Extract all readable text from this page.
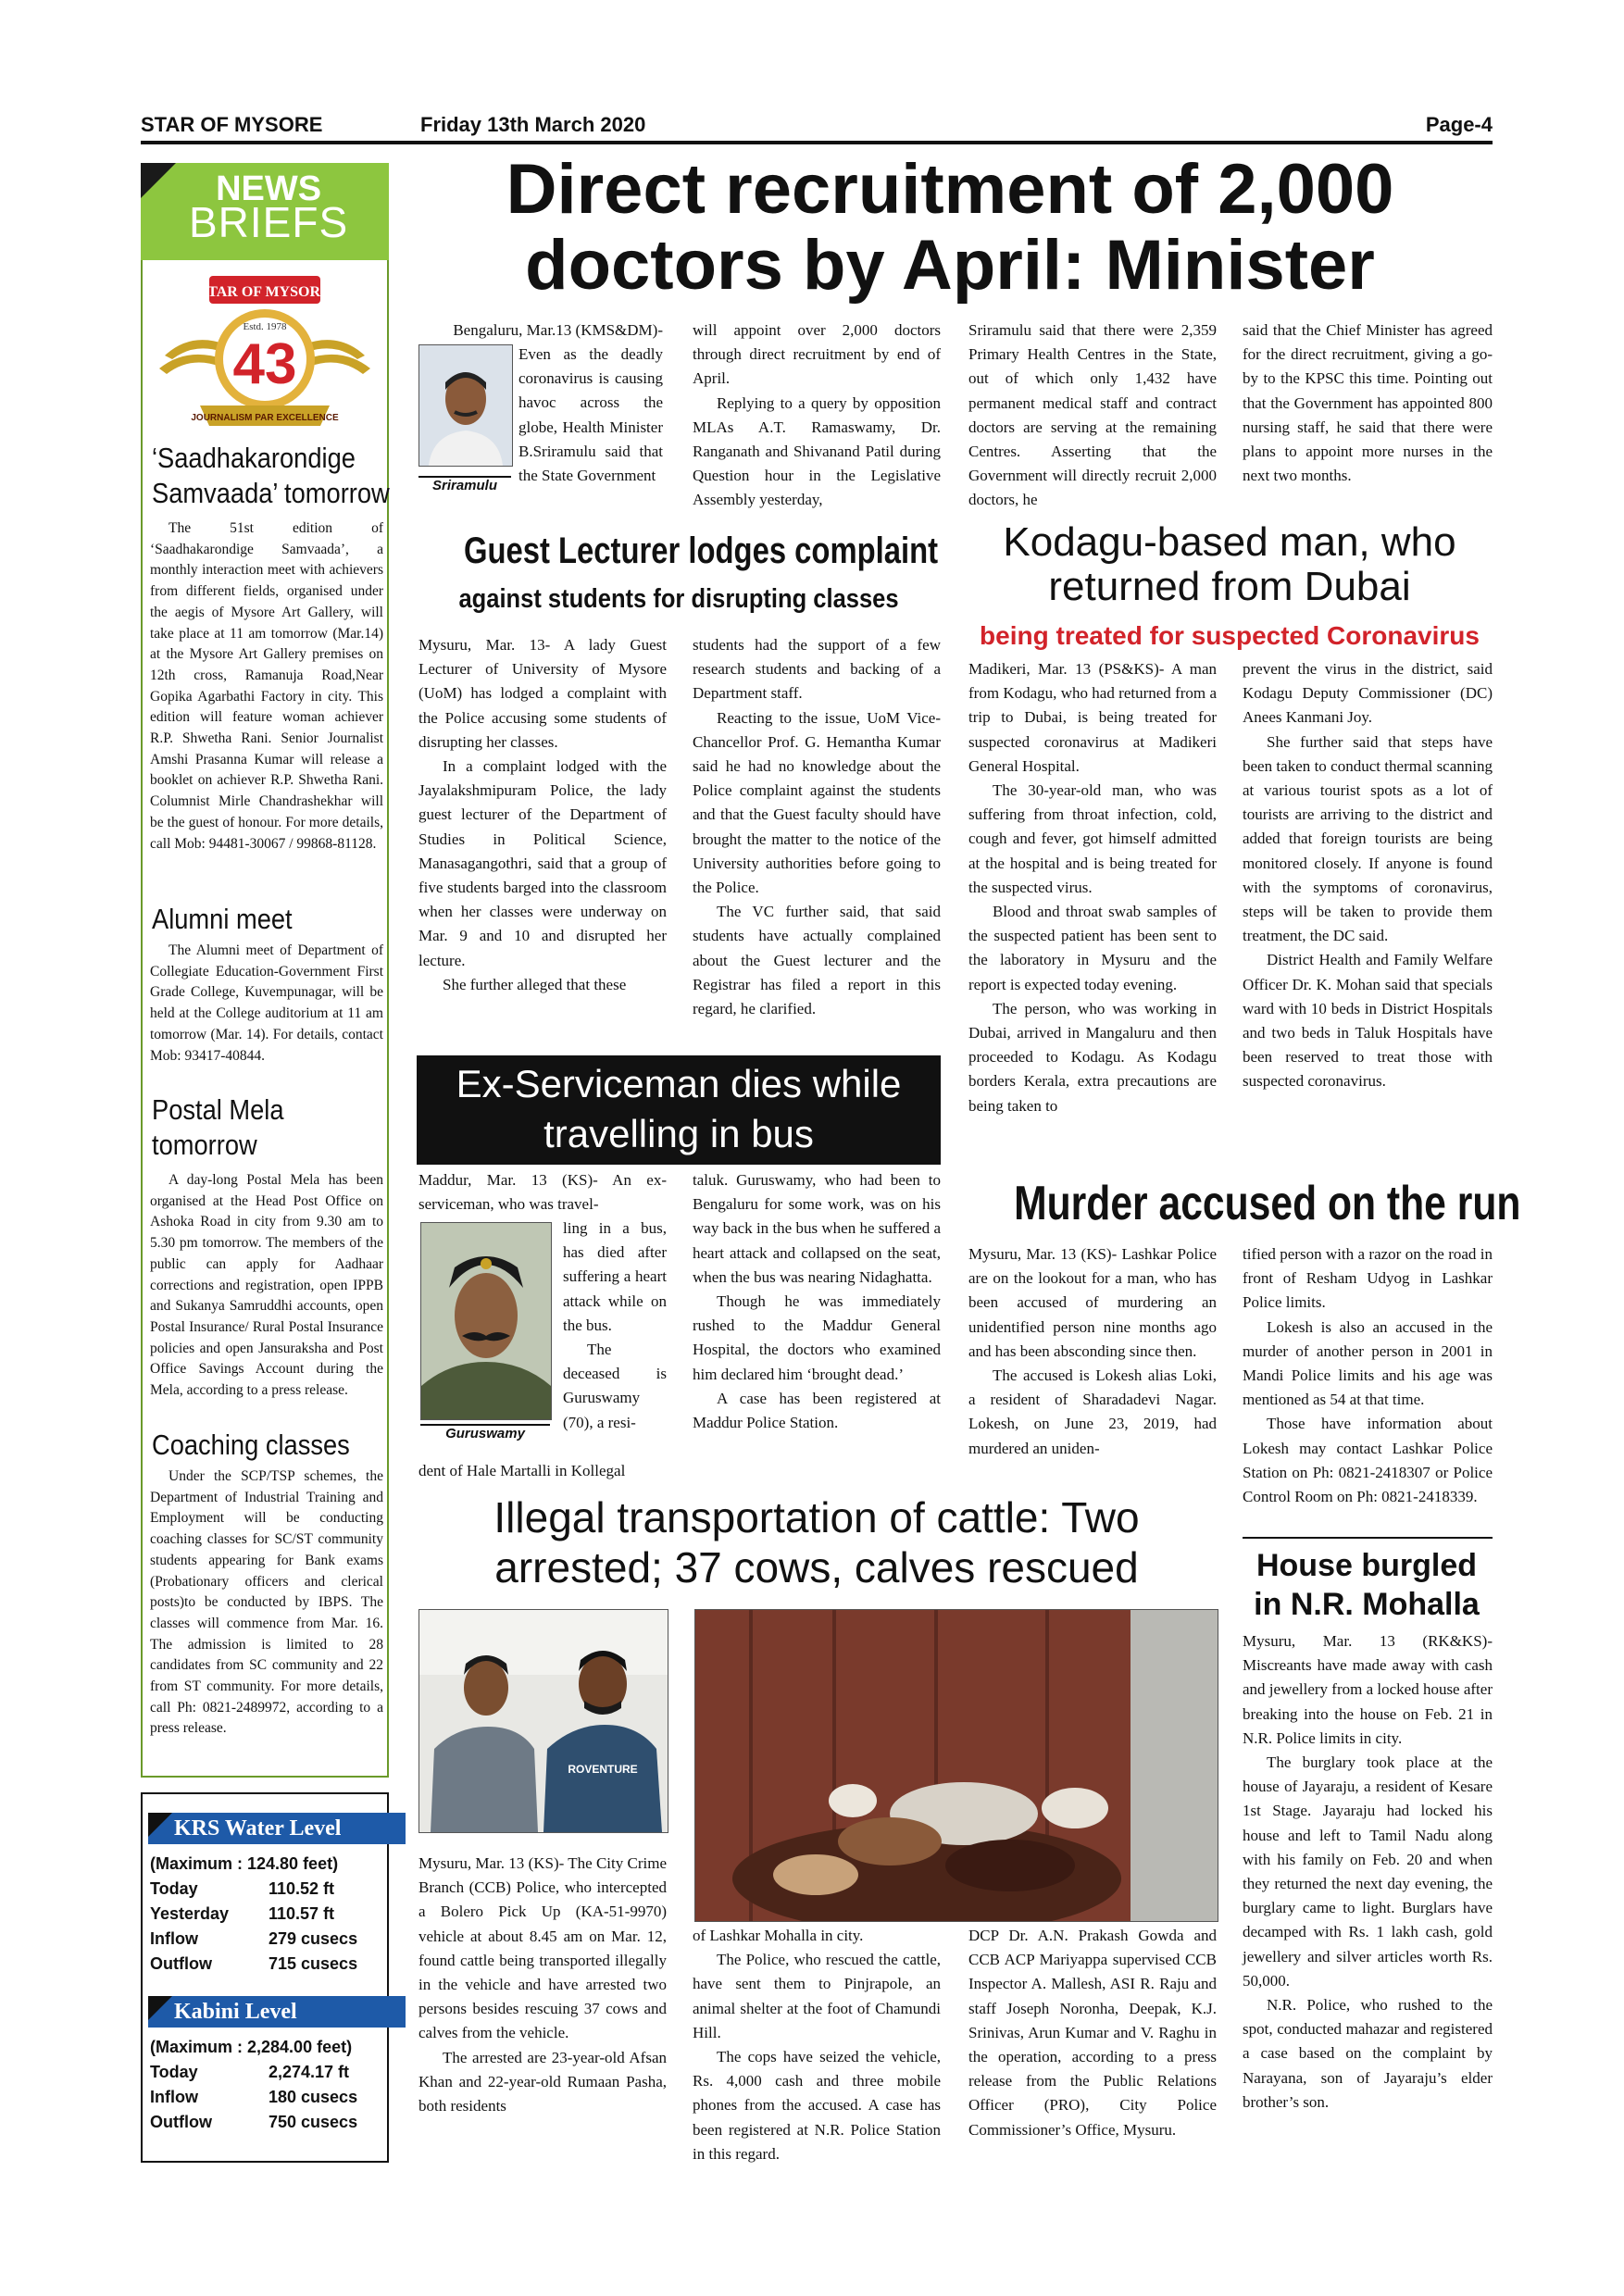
STAR OF MYSORE	Friday 13th March 2020	Page-4
NEWS
BRIEFS
STAR OF MYSORE
Estd. 1978
43
JOURNALISM PAR EXCELLENCE
‘Saadhakarondige
Samvaada’ tomorrow

The 51st edition of ‘Saadhakarondige Samvaada’, a monthly interaction meet with achievers from different fields, organised under the aegis of Mysore Art Gallery, will take place at 11 am tomorrow (Mar.14) at the Mysore Art Gallery premises on 12th cross, Ramanuja Road,Near Gopika Agarbathi Factory in city. This edition will feature woman achiever R.P. Shwetha Rani. Senior Journalist Amshi Prasanna Kumar will release a booklet on achiever R.P. Shwetha Rani. Columnist Mirle Chandrashekhar will be the guest of honour. For more details, call Mob: 94481-30067 / 99868-81128.

Alumni meet

The Alumni meet of Department of Collegiate Education-Government First Grade College, Kuvempunagar, will be held at the College auditorium at 11 am tomorrow (Mar. 14). For details, contact Mob: 93417-40844.

Postal Mela
tomorrow

A day-long Postal Mela has been organised at the Head Post Office on Ashoka Road in city from 9.30 am to 5.30 pm tomorrow. The members of the public can apply for Aadhaar corrections and registration, open IPPB and Sukanya Samruddhi accounts, open Postal Insurance/ Rural Postal Insurance policies and open Jansuraksha and Post Office Savings Account during the Mela, according to a press release.

Coaching classes

Under the SCP/TSP schemes, the Department of Industrial Training and Employment will be conducting coaching classes for SC/ST community students appearing for Bank exams (Probationary officers and clerical posts)to be conducted by IBPS. The classes will commence from Mar. 16. The admission is limited to 28 candidates from SC community and 22 from ST community. For more details, call Ph: 0821-2489972, according to a press release.

KRS Water Level
(Maximum : 124.80 feet)
Today	110.52 ft
Yesterday 110.57 ft
Inflow	279 cusecs
Outflow	715 cusecs
Kabini Level
(Maximum : 2,284.00 feet)
Today	2,274.17 ft
Inflow	180 cusecs
Outflow	750 cusecs
Direct recruitment of 2,000
doctors by April: Minister
Sriramulu

Bengaluru, Mar.13 (KMS&DM)-

Even as the deadly coronavirus is causing havoc across the globe, Health Minister B.Sriramulu said that the State Government

will appoint over 2,000 doctors through direct recruitment by end of April.

Replying to a query by opposition MLAs A.T. Ramaswamy, Dr. Ranganath and Shivanand Patil during Question hour in the Legislative Assembly yesterday,

Sriramulu said that there were 2,359 Primary Health Centres in the State, out of which only 1,432 have permanent medical staff and contract doctors are serving at the remaining Centres. Asserting that the Government will directly recruit 2,000 doctors, he

said that the Chief Minister has agreed for the direct recruitment, giving a go-by to the KPSC this time. Pointing out that the Government has appointed 800 nursing staff, he said that there were plans to appoint more nurses in the next two months.

Guest Lecturer lodges complaint
against students for disrupting classes

Mysuru, Mar. 13- A lady Guest Lecturer of University of Mysore (UoM) has lodged a complaint with the Police accusing some students of disrupting her classes.

In a complaint lodged with the Jayalakshmipuram Police, the lady guest lecturer of the Department of Studies in Political Science, Manasagangothri, said that a group of five students barged into the classroom when her classes were underway on Mar. 9 and 10 and disrupted her lecture.

She further alleged that these

students had the support of a few research students and backing of a Department staff.

Reacting to the issue, UoM Vice-Chancellor Prof. G. Hemantha Kumar said he had no knowledge about the Police complaint against the students and that the Guest faculty should have brought the matter to the notice of the University authorities before going to the Police.

The VC further said, that said students have actually complained about the Guest lecturer and the Registrar has filed a report in this regard, he clarified.

Kodagu-based man, who
returned from Dubai
being treated for suspected Coronavirus

Madikeri, Mar. 13 (PS&KS)- A man from Kodagu, who had returned from a trip to Dubai, is being treated for suspected coronavirus at Madikeri General Hospital.

The 30-year-old man, who was suffering from throat infection, cold, cough and fever, got himself admitted at the hospital and is being treated for the suspected virus.

Blood and throat swab samples of the suspected patient has been sent to the laboratory in Mysuru and the report is expected today evening.

The person, who was working in Dubai, arrived in Mangaluru and then proceeded to Kodagu. As Kodagu borders Kerala, extra precautions are being taken to

prevent the virus in the district, said Kodagu Deputy Commissioner (DC) Anees Kanmani Joy.

She further said that steps have been taken to conduct thermal scanning at various tourist spots as a lot of tourists are arriving to the district and added that foreign tourists are being monitored closely. If anyone is found with the symptoms of coronavirus, steps will be taken to provide them treatment, the DC said.

District Health and Family Welfare Officer Dr. K. Mohan said that specials ward with 10 beds in District Hospitals and two beds in Taluk Hospitals have been reserved to treat those with suspected coronavirus.

Ex-Serviceman dies while
travelling in bus

Maddur, Mar. 13 (KS)- An ex-serviceman, who was travel-

Guruswamy

ling in a bus, has died after suffering a heart attack while on the bus.

The deceased is Guruswamy (70), a resi-

dent of Hale Martalli in Kollegal

taluk. Guruswamy, who had been to Bengaluru for some work, was on his way back in the bus when he suffered a heart attack and collapsed on the seat, when the bus was nearing Nidaghatta.

Though he was immediately rushed to the Maddur General Hospital, the doctors who examined him declared him ‘brought dead.’

A case has been registered at Maddur Police Station.

Murder accused on the run

Mysuru, Mar. 13 (KS)- Lashkar Police are on the lookout for a man, who has been accused of murdering an unidentified person nine months ago and has been absconding since then.

The accused is Lokesh alias Loki, a resident of Sharadadevi Nagar. Lokesh, on June 23, 2019, had murdered an uniden-

tified person with a razor on the road in front of Resham Udyog in Lashkar Police limits.

Lokesh is also an accused in the murder of another person in 2001 in Mandi Police limits and his age was mentioned as 54 at that time.

Those have information about Lokesh may contact Lashkar Police Station on Ph: 0821-2418307 or Police Control Room on Ph: 0821-2418339.

Illegal transportation of cattle: Two
arrested; 37 cows, calves rescued
ROVENTURE

Mysuru, Mar. 13 (KS)- The City Crime Branch (CCB) Police, who intercepted a Bolero Pick Up (KA-51-9970) vehicle at about 8.45 am on Mar. 12, found cattle being transported illegally in the vehicle and have arrested two persons besides rescuing 37 cows and calves from the vehicle.

The arrested are 23-year-old Afsan Khan and 22-year-old Rumaan Pasha, both residents

of Lashkar Mohalla in city.

The Police, who rescued the cattle, have sent them to Pinjrapole, an animal shelter at the foot of Chamundi Hill.

The cops have seized the vehicle, Rs. 4,000 cash and three mobile phones from the accused. A case has been registered at N.R. Police Station in this regard.

DCP Dr. A.N. Prakash Gowda and CCB ACP Mariyappa supervised CCB Inspector A. Mallesh, ASI R. Raju and staff Joseph Noronha, Deepak, K.J. Srinivas, Arun Kumar and V. Raghu in the operation, according to a press release from the Public Relations Officer (PRO), City Police Commissioner’s Office, Mysuru.

House burgled
in N.R. Mohalla

Mysuru, Mar. 13 (RK&KS)- Miscreants have made away with cash and jewellery from a locked house after breaking into the house on Feb. 21 in N.R. Police limits in city.

The burglary took place at the house of Jayaraju, a resident of Kesare 1st Stage. Jayaraju had locked his house and left to Tamil Nadu along with his family on Feb. 20 and when they returned the next day evening, the burglary came to light. Burglars have decamped with Rs. 1 lakh cash, gold jewellery and silver articles worth Rs. 50,000.

N.R. Police, who rushed to the spot, conducted mahazar and registered a case based on the complaint by Narayana, son of Jayaraju’s elder brother’s son.
